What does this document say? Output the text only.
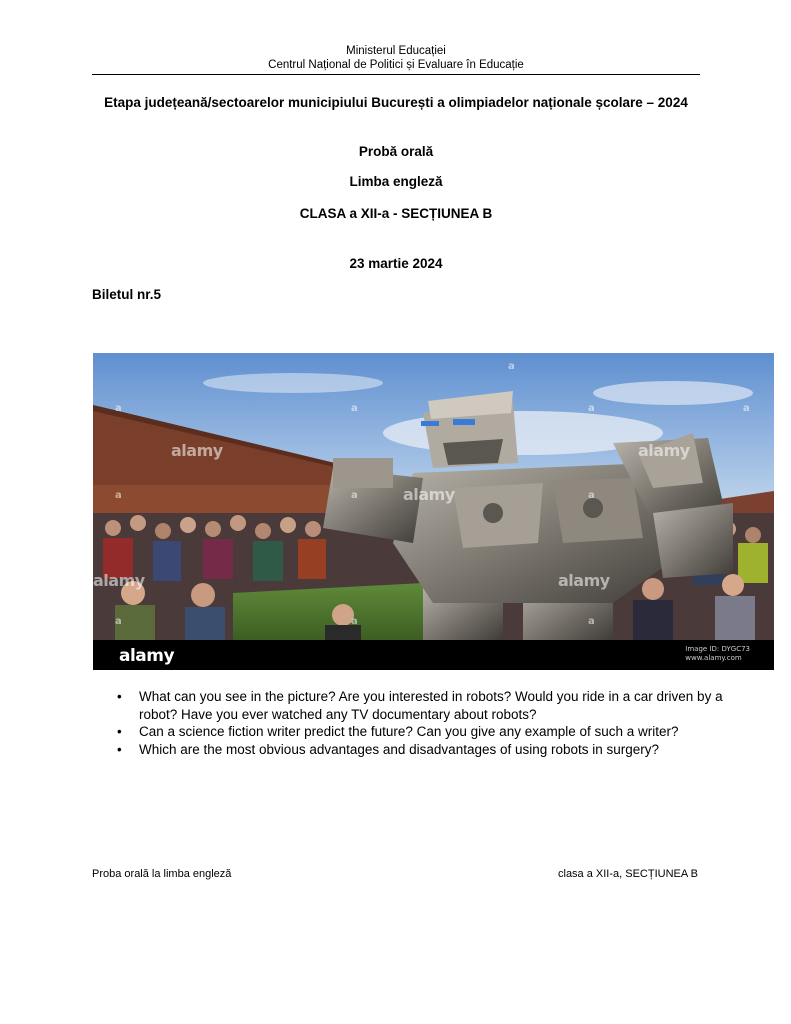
Ministerul Educației
Centrul Național de Politici și Evaluare în Educație
Etapa județeană/sectoarelor municipiului București a olimpiadelor naționale școlare – 2024
Probă orală
Limba engleză
CLASA a XII-a - SECȚIUNEA B
23 martie 2024
Biletul nr.5
alamy
alamy
alamy
alamy	alamy
a	a	a	a
a
a	a	a
a	a	a
alamy	Image ID: DYGC73
www.alamy.com
• What can you see in the picture? Are you interested in robots? Would you ride in a car driven by a robot? Have you ever watched any TV documentary about robots?
• Can a science fiction writer predict the future? Can you give any example of such a writer?
• Which are the most obvious advantages and disadvantages of using robots in surgery?
Proba orală la limba engleză	clasa a XII-a, SECȚIUNEA B
